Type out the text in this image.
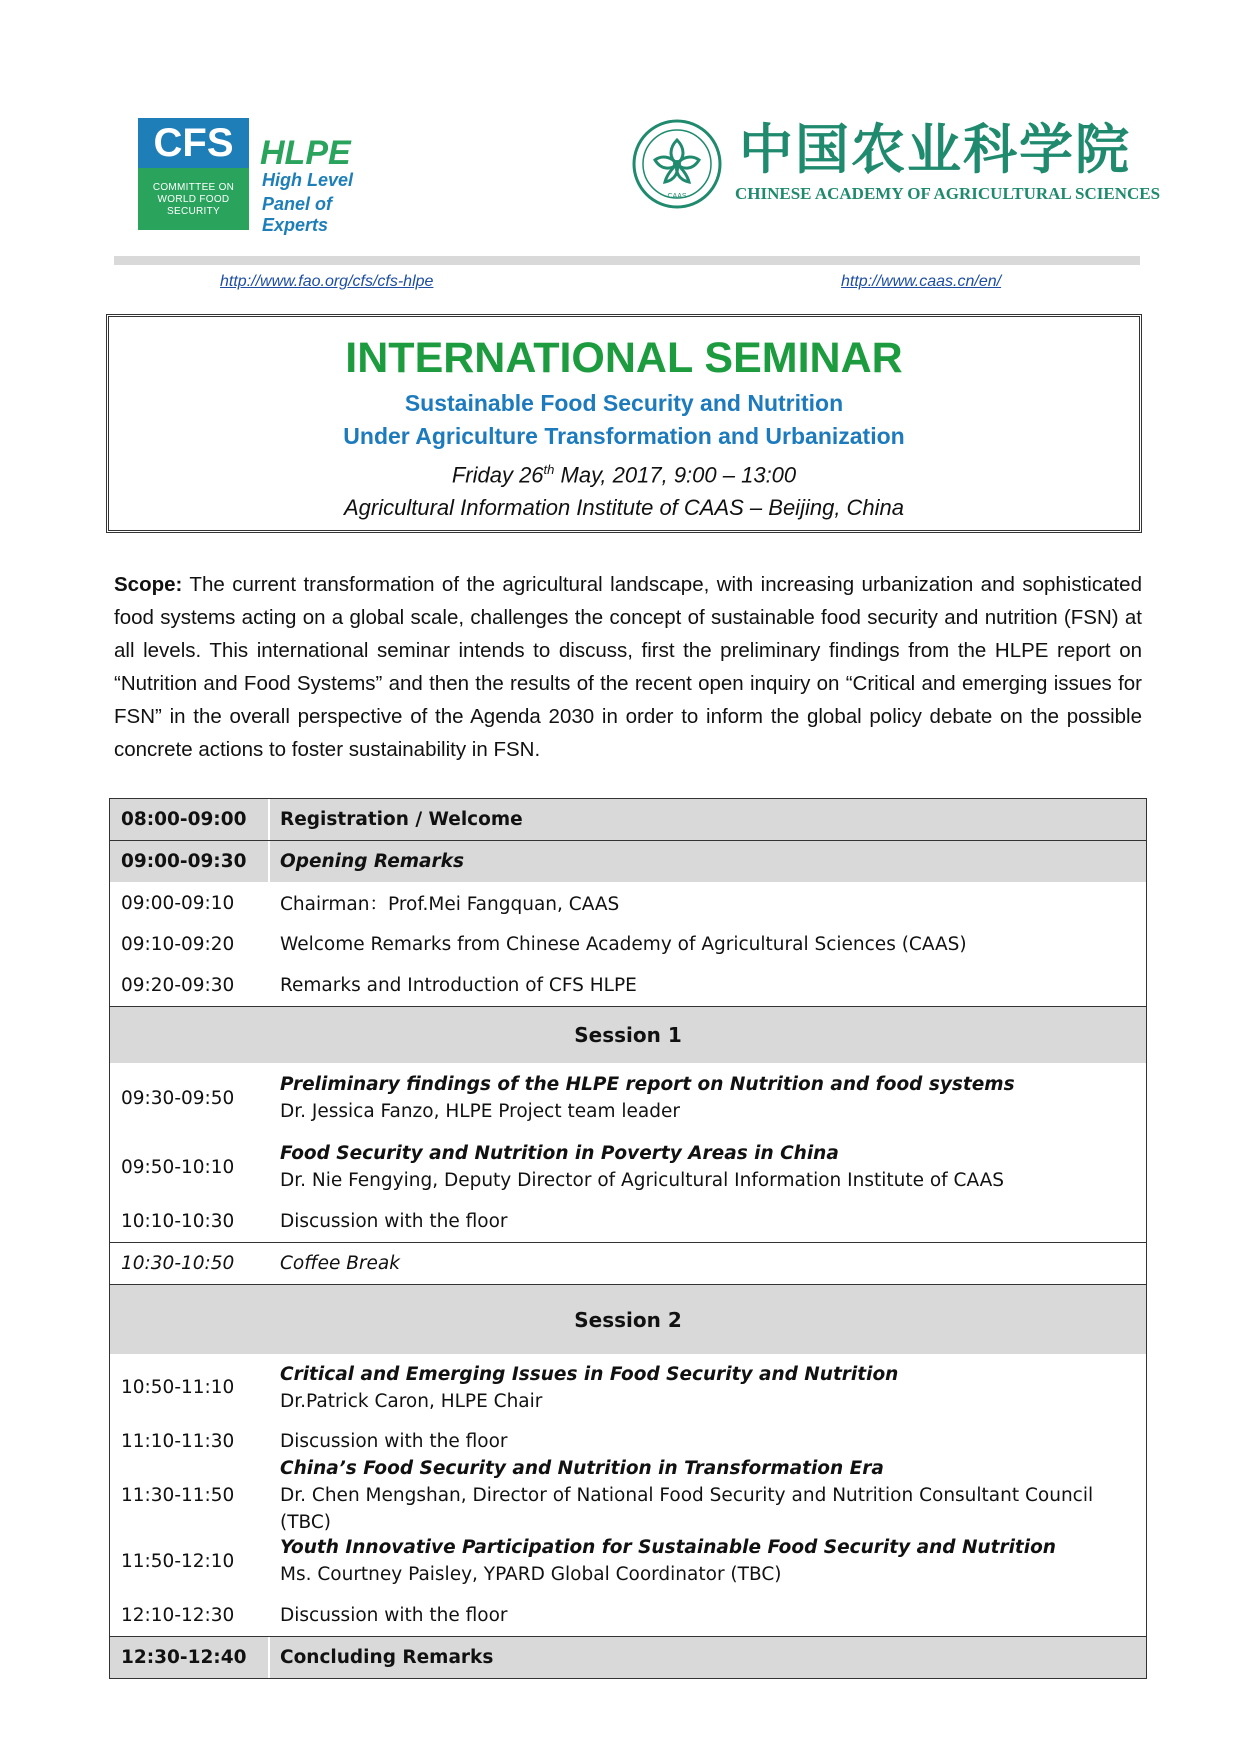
CFS
COMMITTEE ON
WORLD FOOD
SECURITY
HLPE
High Level
Panel of Experts
CAAS
中国农业科学院
CHINESE ACADEMY OF AGRICULTURAL SCIENCES
http://www.fao.org/cfs/cfs-hlpe	http://www.caas.cn/en/
INTERNATIONAL SEMINAR
Sustainable Food Security and Nutrition
Under Agriculture Transformation and Urbanization
Friday 26th May, 2017, 9:00 – 13:00
Agricultural Information Institute of CAAS – Beijing, China
Scope: The current transformation of the agricultural landscape, with increasing urbanization and sophisticated food systems acting on a global scale, challenges the concept of sustainable food security and nutrition (FSN) at all levels. This international seminar intends to discuss, first the preliminary findings from the HLPE report on “Nutrition and Food Systems” and then the results of the recent open inquiry on “Critical and emerging issues for FSN” in the overall perspective of the Agenda 2030 in order to inform the global policy debate on the possible concrete actions to foster sustainability in FSN.
08:00-09:00	Registration / Welcome
09:00-09:30	Opening Remarks
09:00-09:10	Chairman：Prof.Mei Fangquan, CAAS
09:10-09:20	Welcome Remarks from Chinese Academy of Agricultural Sciences (CAAS)
09:20-09:30	Remarks and Introduction of CFS HLPE
Session 1
09:30-09:50
Preliminary findings of the HLPE report on Nutrition and food systems
Dr. Jessica Fanzo, HLPE Project team leader
09:50-10:10
Food Security and Nutrition in Poverty Areas in China
Dr. Nie Fengying, Deputy Director of Agricultural Information Institute of CAAS
10:10-10:30	Discussion with the floor
10:30-10:50	Coffee Break
Session 2
10:50-11:10
Critical and Emerging Issues in Food Security and Nutrition
Dr.Patrick Caron, HLPE Chair
11:10-11:30	Discussion with the floor
11:30-11:50
China’s Food Security and Nutrition in Transformation Era
Dr. Chen Mengshan, Director of National Food Security and Nutrition Consultant Council (TBC)
11:50-12:10
Youth Innovative Participation for Sustainable Food Security and Nutrition
Ms. Courtney Paisley, YPARD Global Coordinator (TBC)
12:10-12:30	Discussion with the floor
12:30-12:40	Concluding Remarks
